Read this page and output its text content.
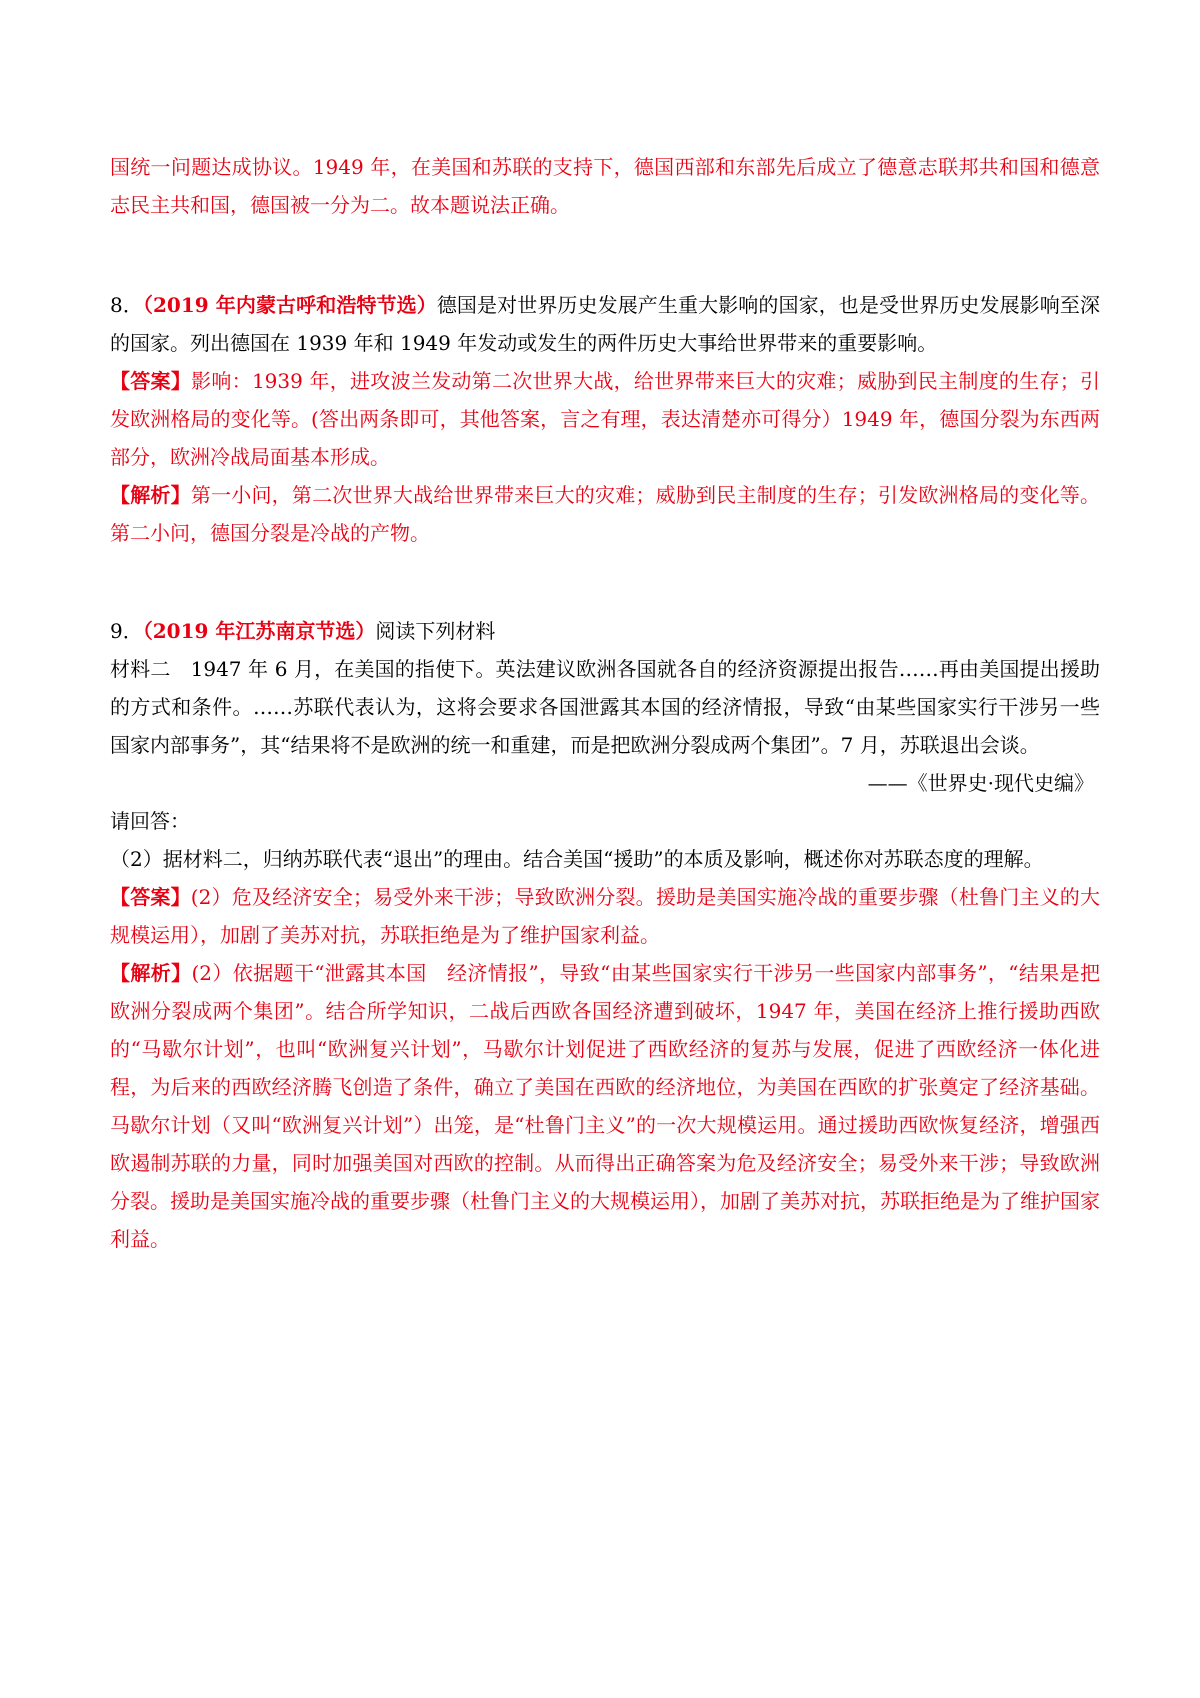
国统一问题达成协议。1949 年，在美国和苏联的支持下，德国西部和东部先后成立了德意志联邦共和国和德意志民主共和国，德国被一分为二。故本题说法正确。

8．（2019 年内蒙古呼和浩特节选）德国是对世界历史发展产生重大影响的国家，也是受世界历史发展影响至深的国家。列出德国在 1939 年和 1949 年发动或发生的两件历史大事给世界带来的重要影响。

【答案】影响：1939 年，进攻波兰发动第二次世界大战，给世界带来巨大的灾难；威胁到民主制度的生存；引发欧洲格局的变化等。(答出两条即可，其他答案，言之有理，表达清楚亦可得分）1949 年，德国分裂为东西两部分，欧洲冷战局面基本形成。

【解析】第一小问，第二次世界大战给世界带来巨大的灾难；威胁到民主制度的生存；引发欧洲格局的变化等。第二小问，德国分裂是冷战的产物。

9．（2019 年江苏南京节选）阅读下列材料

材料二　1947 年 6 月，在美国的指使下。英法建议欧洲各国就各自的经济资源提出报告……再由美国提出援助的方式和条件。……苏联代表认为，这将会要求各国泄露其本国的经济情报，导致“由某些国家实行干涉另一些国家内部事务”，其“结果将不是欧洲的统一和重建，而是把欧洲分裂成两个集团”。7 月，苏联退出会谈。

——《世界史·现代史编》

请回答：

（2）据材料二，归纳苏联代表“退出”的理由。结合美国“援助”的本质及影响，概述你对苏联态度的理解。

【答案】(2）危及经济安全；易受外来干涉；导致欧洲分裂。援助是美国实施冷战的重要步骤（杜鲁门主义的大规模运用），加剧了美苏对抗，苏联拒绝是为了维护国家利益。

【解析】(2）依据题干“泄露其本国　经济情报”，导致“由某些国家实行干涉另一些国家内部事务”，“结果是把欧洲分裂成两个集团”。结合所学知识，二战后西欧各国经济遭到破坏，1947 年，美国在经济上推行援助西欧的“马歇尔计划”，也叫“欧洲复兴计划”，马歇尔计划促进了西欧经济的复苏与发展，促进了西欧经济一体化进程，为后来的西欧经济腾飞创造了条件，确立了美国在西欧的经济地位，为美国在西欧的扩张奠定了经济基础。马歇尔计划（又叫“欧洲复兴计划”）出笼，是“杜鲁门主义”的一次大规模运用。通过援助西欧恢复经济，增强西欧遏制苏联的力量，同时加强美国对西欧的控制。从而得出正确答案为危及经济安全；易受外来干涉；导致欧洲分裂。援助是美国实施冷战的重要步骤（杜鲁门主义的大规模运用），加剧了美苏对抗，苏联拒绝是为了维护国家利益。
